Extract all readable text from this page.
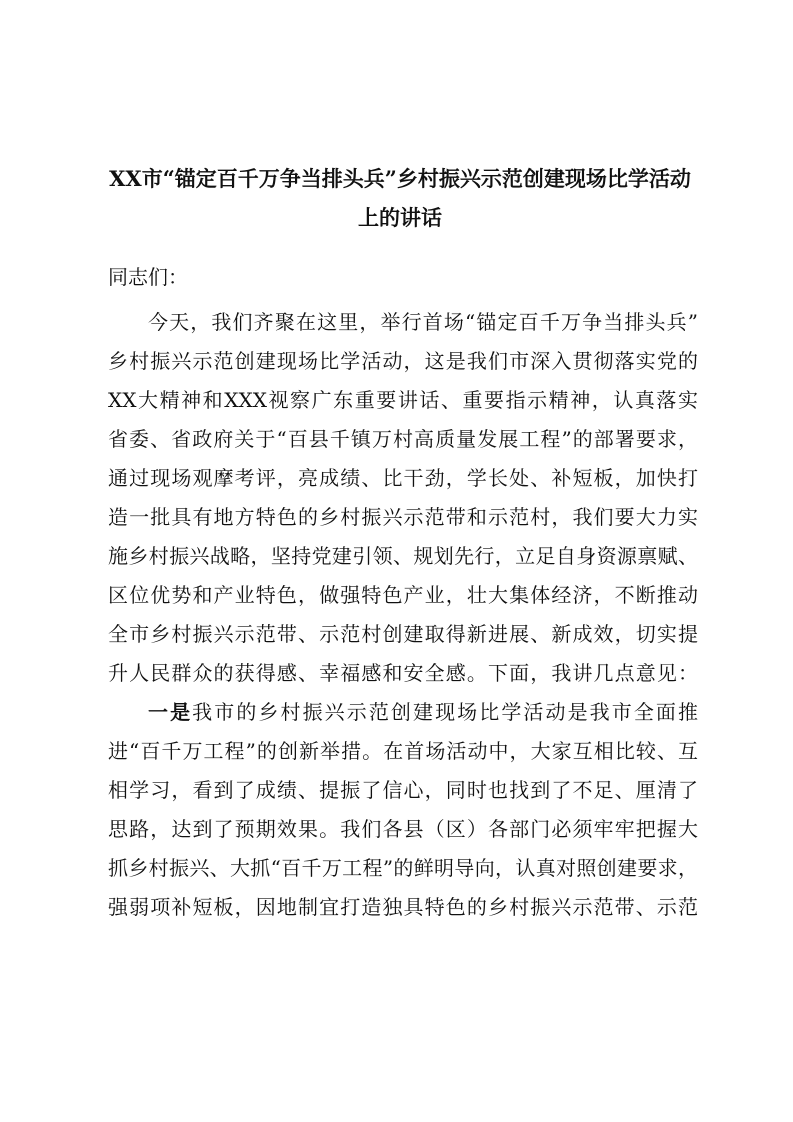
XX市“锚定百千万争当排头兵”乡村振兴示范创建现场比学活动
上的讲话
同志们：
今天，我们齐聚在这里，举行首场“锚定百千万争当排头兵”
乡村振兴示范创建现场比学活动，这是我们市深入贯彻落实党的
XX大精神和XXX视察广东重要讲话、重要指示精神，认真落实
省委、省政府关于“百县千镇万村高质量发展工程”的部署要求，
通过现场观摩考评，亮成绩、比干劲，学长处、补短板，加快打
造一批具有地方特色的乡村振兴示范带和示范村，我们要大力实
施乡村振兴战略，坚持党建引领、规划先行，立足自身资源禀赋、
区位优势和产业特色，做强特色产业，壮大集体经济，不断推动
全市乡村振兴示范带、示范村创建取得新进展、新成效，切实提
升人民群众的获得感、幸福感和安全感。下面，我讲几点意见：
一是我市的乡村振兴示范创建现场比学活动是我市全面推
进“百千万工程”的创新举措。在首场活动中，大家互相比较、互
相学习，看到了成绩、提振了信心，同时也找到了不足、厘清了
思路，达到了预期效果。我们各县（区）各部门必须牢牢把握大
抓乡村振兴、大抓“百千万工程”的鲜明导向，认真对照创建要求，
强弱项补短板，因地制宜打造独具特色的乡村振兴示范带、示范
